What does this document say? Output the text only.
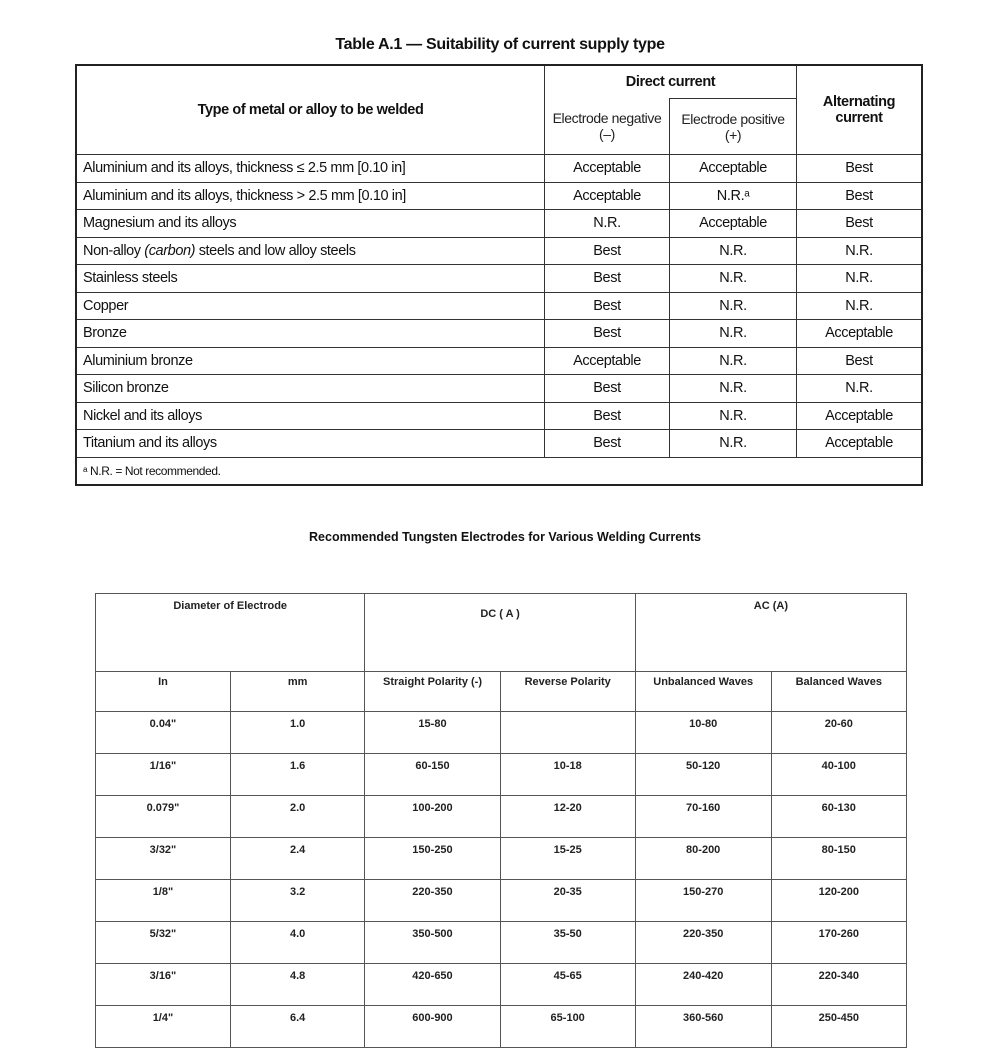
Table A.1 — Suitability of current supply type
Type of metal or alloy to be welded	Direct current		Alternating current
	Electrode negative (–)	Electrode positive (+)	
Aluminium and its alloys, thickness ≤ 2.5 mm [0.10 in]	Acceptable	Acceptable	Best
Aluminium and its alloys, thickness > 2.5 mm [0.10 in]	Acceptable	N.R.ᵃ	Best
Magnesium and its alloys	N.R.	Acceptable	Best
Non-alloy (carbon) steels and low alloy steels	Best	N.R.	N.R.
Stainless steels	Best	N.R.	N.R.
Copper	Best	N.R.	N.R.
Bronze	Best	N.R.	Acceptable
Aluminium bronze	Acceptable	N.R.	Best
Silicon bronze	Best	N.R.	N.R.
Nickel and its alloys	Best	N.R.	Acceptable
Titanium and its alloys	Best	N.R.	Acceptable
ᵃ N.R. = Not recommended.			
Recommended Tungsten Electrodes for Various Welding Currents
Diameter of Electrode		DC ( A )		AC (A)	
In	mm	Straight Polarity (-)	Reverse Polarity	Unbalanced Waves	Balanced Waves
0.04"	1.0	15-80		10-80	20-60
1/16"	1.6	60-150	10-18	50-120	40-100
0.079"	2.0	100-200	12-20	70-160	60-130
3/32"	2.4	150-250	15-25	80-200	80-150
1/8"	3.2	220-350	20-35	150-270	120-200
5/32"	4.0	350-500	35-50	220-350	170-260
3/16"	4.8	420-650	45-65	240-420	220-340
1/4"	6.4	600-900	65-100	360-560	250-450
